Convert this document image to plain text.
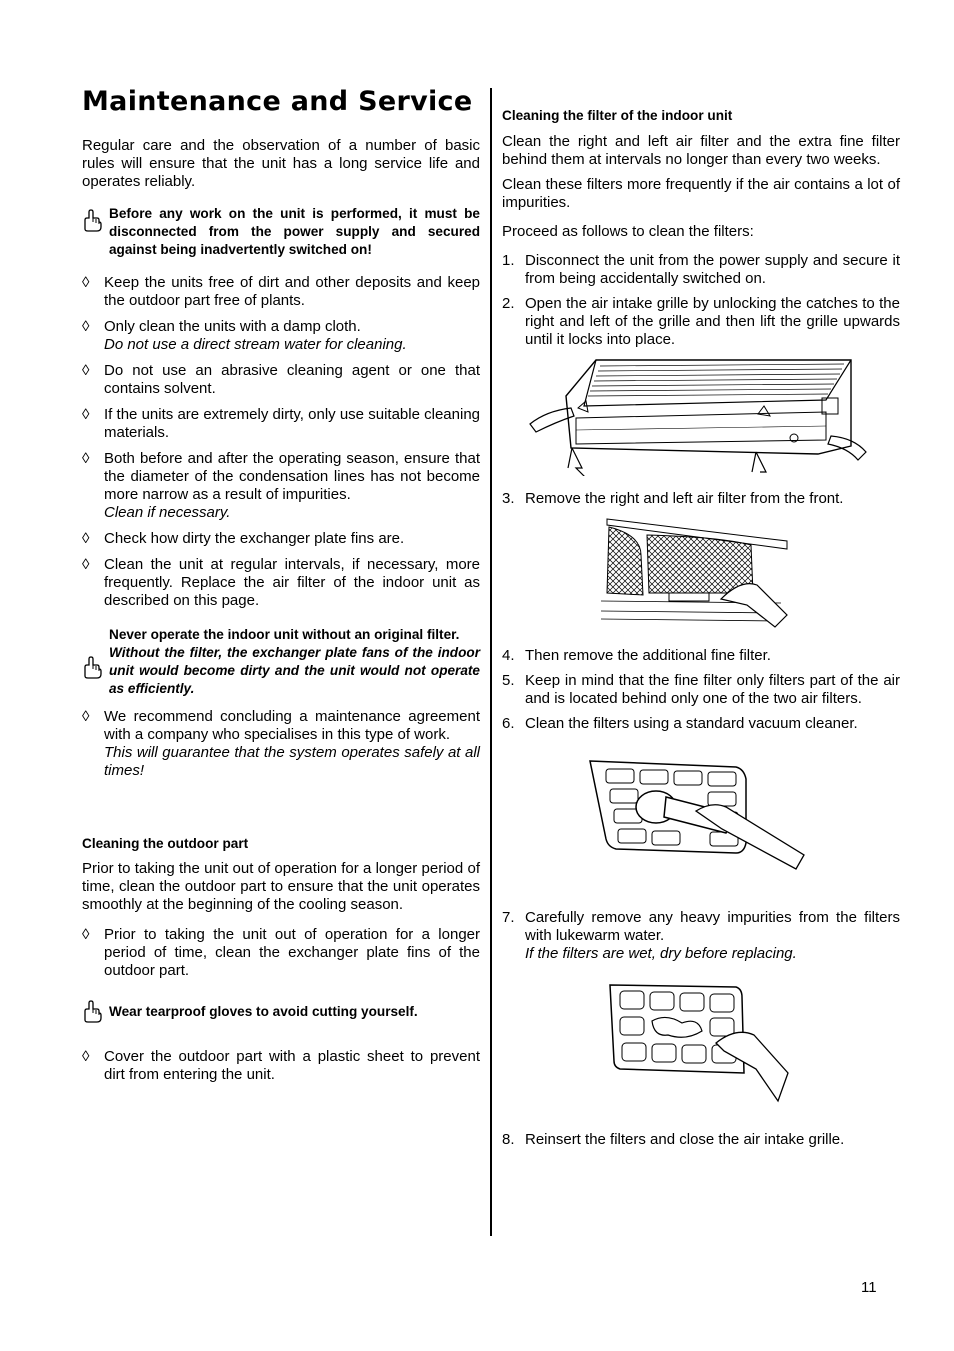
Maintenance and Service

Regular care and the observation of a number of basic rules will ensure that the unit has a long service life and operates reliably.

Before any work on the unit is performed, it must be disconnected from the power supply and secured against being inadvertently switched on!
◊ Keep the units free of dirt and other deposits and keep the outdoor part free of plants.
◊ Only clean the units with a damp cloth.
Do not use a direct stream water for cleaning.
◊ Do not use an abrasive cleaning agent or one that contains solvent.
◊ If the units are extremely dirty, only use suitable cleaning materials.
◊ Both before and after the operating season, ensure that the diameter of the condensation lines has not become more narrow as a result of impurities.
Clean if necessary.
◊ Check how dirty the exchanger plate fins are.
◊ Clean the unit at regular intervals, if necessary, more frequently. Replace the air filter of the indoor unit as described on this page.
Never operate the indoor unit without an original filter.
Without the filter, the exchanger plate fans of the indoor unit would become dirty and the unit would not operate as efficiently.
◊ We recommend concluding a maintenance agreement with a company who specialises in this type of work.
This will guarantee that the system operates safely at all times!
Cleaning the outdoor part

Prior to taking the unit out of operation for a longer period of time, clean the outdoor part to ensure that the unit operates smoothly at the beginning of the cooling season.

◊ Prior to taking the unit out of operation for a longer period of time, clean the exchanger plate fins of the outdoor part.
Wear tearproof gloves to avoid cutting yourself.
◊ Cover the outdoor part with a plastic sheet to prevent dirt from entering the unit.
Cleaning the filter of the indoor unit

Clean the right and left air filter and the extra fine filter behind them at intervals no longer than every two weeks.

Clean these filters more frequently if the air contains a lot of impurities.

Proceed as follows to clean the filters:

1. Disconnect the unit from the power supply and secure it from being accidentally switched on.
2. Open the air intake grille by unlocking the catches to the right and left of the grille and then lift the grille upwards until it locks into place.
3. Remove the right and left air filter from the front.
4. Then remove the additional fine filter.
5. Keep in mind that the fine filter only filters part of the air and is located behind only one of the two air filters.
6. Clean the filters using a standard vacuum cleaner.
7. Carefully remove any heavy impurities from the filters with lukewarm water.
If the filters are wet, dry before replacing.
8. Reinsert the filters and close the air intake grille.
11
